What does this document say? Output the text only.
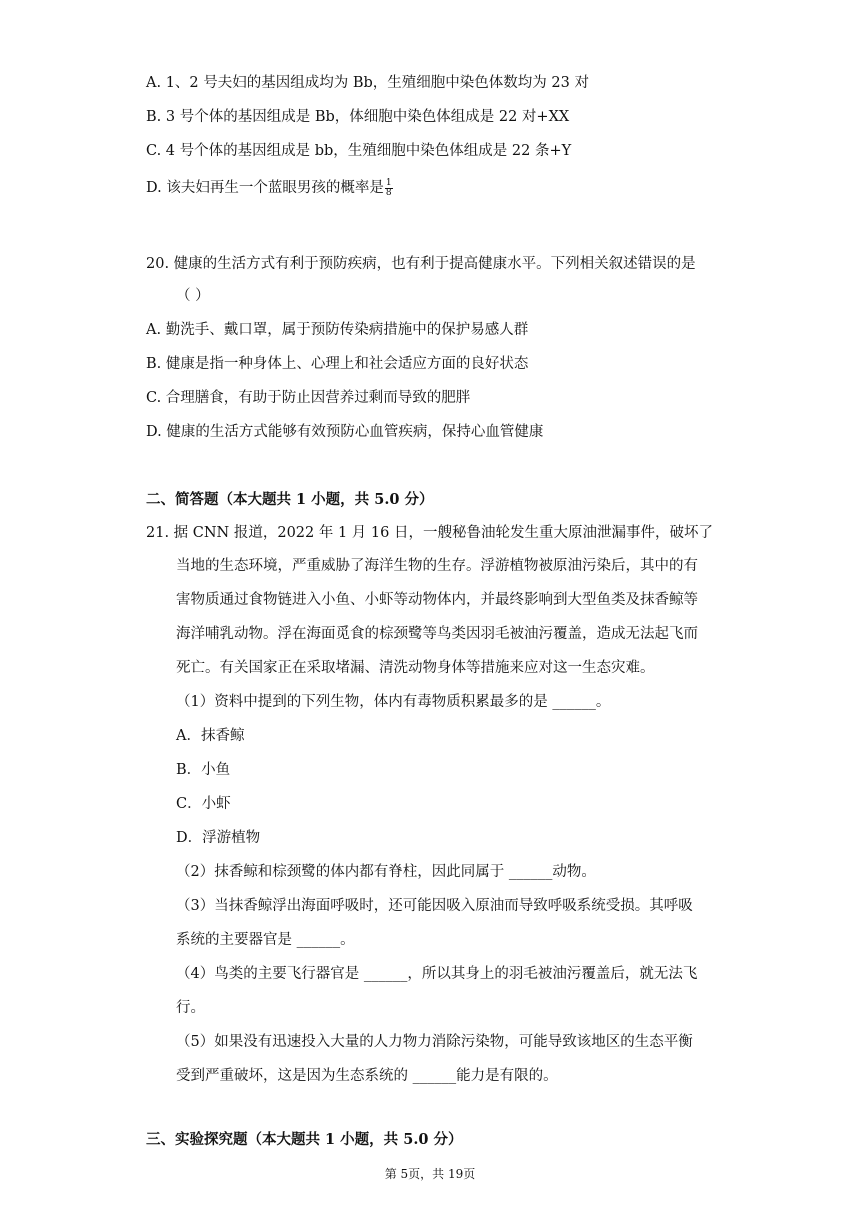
A. 1、2 号夫妇的基因组成均为 Bb，生殖细胞中染色体数均为 23 对
B. 3 号个体的基因组成是 Bb，体细胞中染色体组成是 22 对+XX
C. 4 号个体的基因组成是 bb，生殖细胞中染色体组成是 22 条+Y
D. 该夫妇再生一个蓝眼男孩的概率是 $\frac{1}{8}$
20. 健康的生活方式有利于预防疾病，也有利于提高健康水平。下列相关叙述错误的是
（ ）
A. 勤洗手、戴口罩，属于预防传染病措施中的保护易感人群
B. 健康是指一种身体上、心理上和社会适应方面的良好状态
C. 合理膳食，有助于防止因营养过剩而导致的肥胖
D. 健康的生活方式能够有效预防心血管疾病，保持心血管健康
二、简答题（本大题共 1 小题，共 5.0 分）
21. 据 CNN 报道，2022 年 1 月 16 日，一艘秘鲁油轮发生重大原油泄漏事件，破坏了
当地的生态环境，严重威胁了海洋生物的生存。浮游植物被原油污染后，其中的有
害物质通过食物链进入小鱼、小虾等动物体内，并最终影响到大型鱼类及抹香鲸等
海洋哺乳动物。浮在海面觅食的棕颈鹭等鸟类因羽毛被油污覆盖，造成无法起飞而
死亡。有关国家正在采取堵漏、清洗动物身体等措施来应对这一生态灾难。
（1）资料中提到的下列生物，体内有毒物质积累最多的是 ______。
A．抹香鲸
B．小鱼
C．小虾
D．浮游植物
（2）抹香鲸和棕颈鹭的体内都有脊柱，因此同属于 ______动物。
（3）当抹香鲸浮出海面呼吸时，还可能因吸入原油而导致呼吸系统受损。其呼吸
系统的主要器官是 ______。
（4）鸟类的主要飞行器官是 ______，所以其身上的羽毛被油污覆盖后，就无法飞
行。
（5）如果没有迅速投入大量的人力物力消除污染物，可能导致该地区的生态平衡
受到严重破坏，这是因为生态系统的 ______能力是有限的。
三、实验探究题（本大题共 1 小题，共 5.0 分）
第 5页，共 19页
